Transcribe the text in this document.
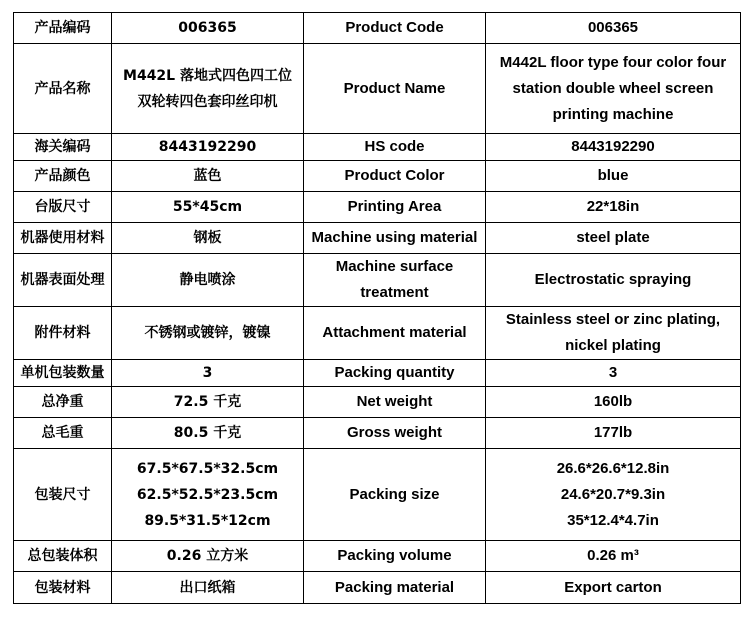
产品编码	006365	Product Code	006365

产品名称	M442L 落地式四色四工位
双轮转四色套印丝印机	Product Name	M442L floor type four color four
station double wheel screen
printing machine

海关编码	8443192290	HS code	8443192290

产品颜色	蓝色	Product Color	blue

台版尺寸	55*45cm	Printing Area	22*18in

机器使用材料	钢板	Machine using material	steel plate

机器表面处理	静电喷涂	Machine surface
treatment	Electrostatic spraying

附件材料	不锈钢或镀锌，镀镍	Attachment material	Stainless steel or zinc plating,
nickel plating

单机包装数量	3	Packing quantity	3

总净重	72.5 千克	Net weight	160lb

总毛重	80.5 千克	Gross weight	177lb

包装尺寸	67.5*67.5*32.5cm
62.5*52.5*23.5cm
89.5*31.5*12cm	Packing size	26.6*26.6*12.8in
24.6*20.7*9.3in
35*12.4*4.7in

总包装体积	0.26 立方米	Packing volume	0.26 m³

包装材料	出口纸箱	Packing material	Export carton
